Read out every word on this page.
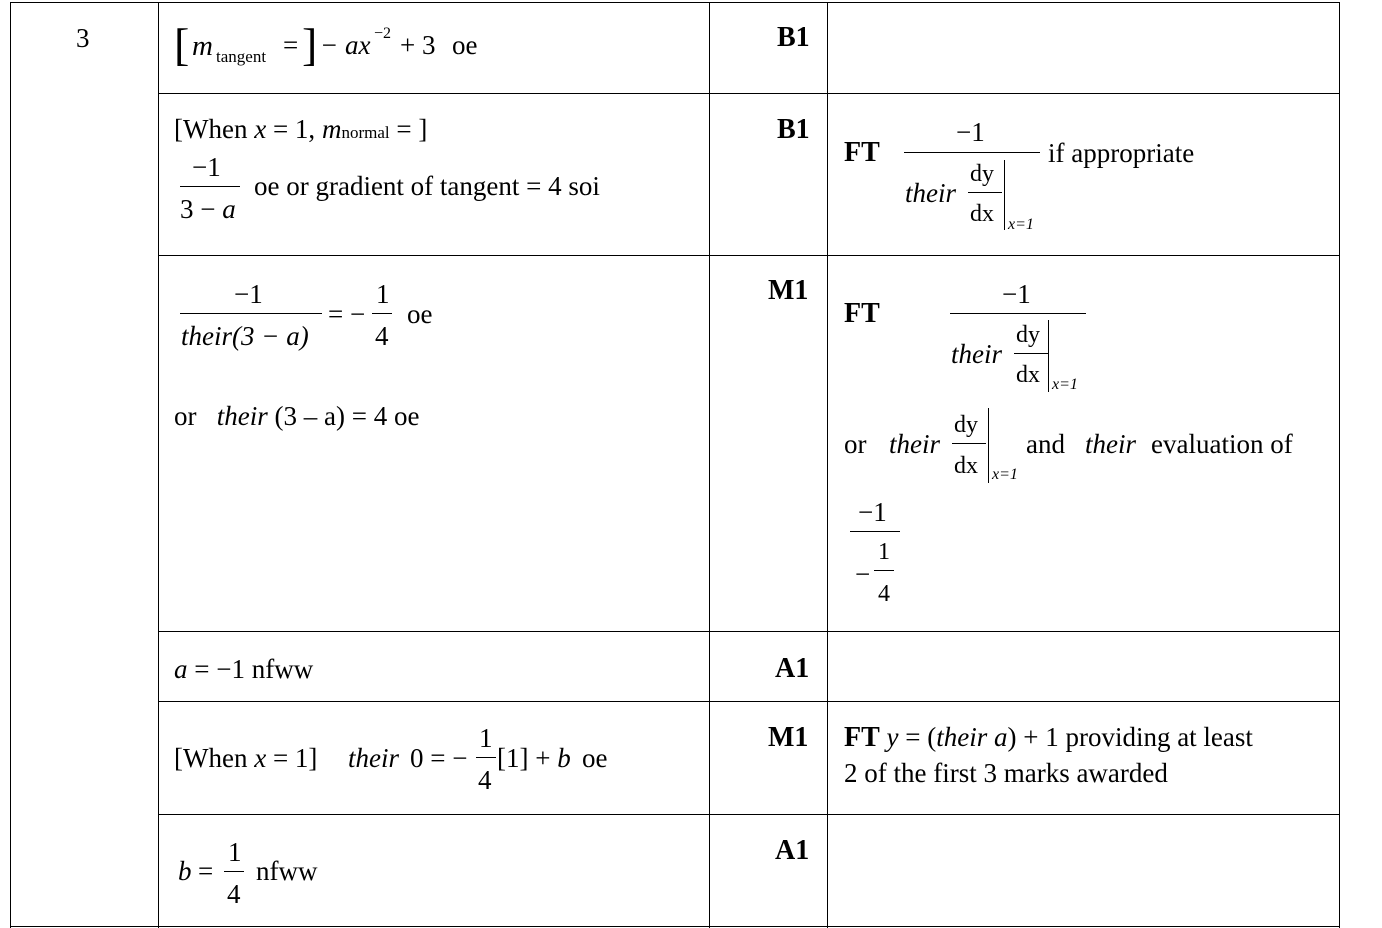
3 [ m tangent = ] − ax −2 + 3 oe	B1
[When x = 1, mnormal = ]
−1
3 − a
oe or gradient of tangent = 4 soi
B1
FT
−1
their
dy
dx x=1
if appropriate
−1
their(3 − a)
= −
1
4
oe
or their (3 – a) = 4 oe
M1
FT
−1
their
dy
dx x=1
or their
dy
dx x=1
and their evaluation of
−1
−
1
4
a = −1 nfww	A1
[When x = 1] their 0 = −
1
4
[1] + b oe
M1 FT y = (their a) + 1 providing at least
2 of the first 3 marks awarded
b =
1
4
nfww
A1
